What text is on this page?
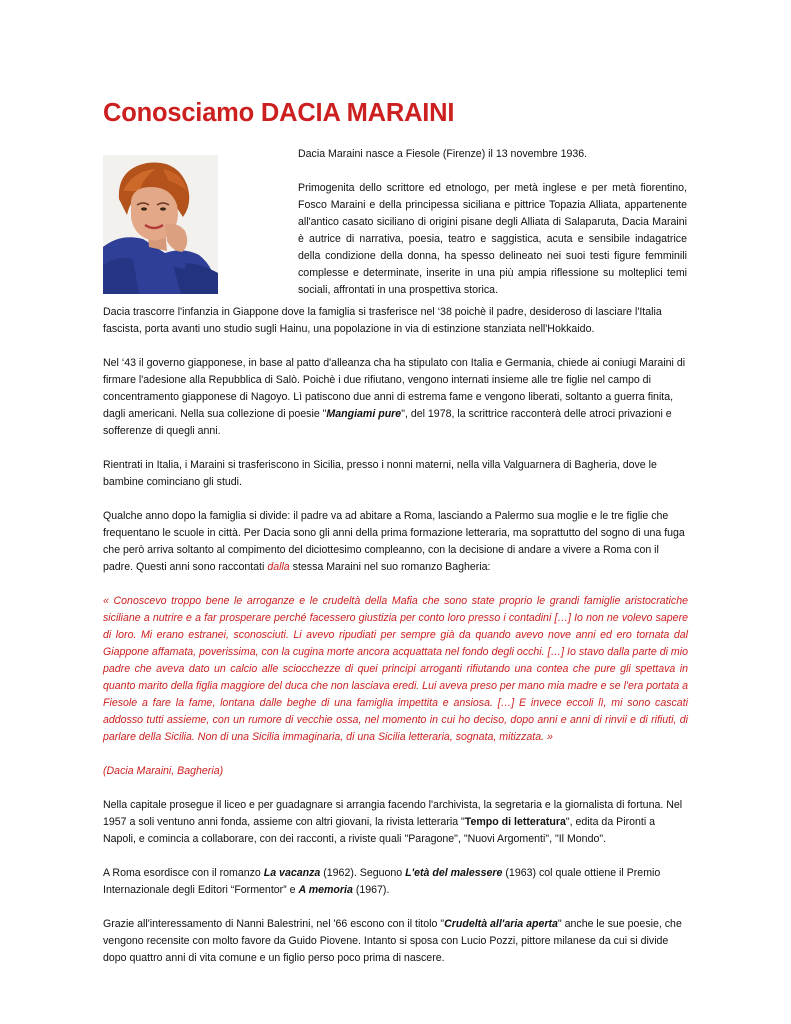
Conosciamo DACIA MARAINI

Dacia Maraini nasce a Fiesole (Firenze) il 13 novembre 1936.

Primogenita dello scrittore ed etnologo, per metà inglese e per metà fiorentino, Fosco Maraini e della principessa siciliana e pittrice Topazia Alliata, appartenente all'antico casato siciliano di origini pisane degli Alliata di Salaparuta, Dacia Maraini è autrice di narrativa, poesia, teatro e saggistica, acuta e sensibile indagatrice della condizione della donna, ha spesso delineato nei suoi testi figure femminili complesse e determinate, inserite in una più ampia riflessione su molteplici temi sociali, affrontati in una prospettiva storica.

Dacia trascorre l'infanzia in Giappone dove la famiglia si trasferisce nel ‘38 poichè il padre, desideroso di lasciare l'Italia fascista, porta avanti uno studio sugli Hainu, una popolazione in via di estinzione stanziata nell'Hokkaido.

Nel ‘43 il governo giapponese, in base al patto d'alleanza cha ha stipulato con Italia e Germania, chiede ai coniugi Maraini di firmare l'adesione alla Repubblica di Salò. Poichè i due rifiutano, vengono internati insieme alle tre figlie nel campo di concentramento giapponese di Nagoyo. Lì patiscono due anni di estrema fame e vengono liberati, soltanto a guerra finita, dagli americani. Nella sua collezione di poesie "Mangiami pure", del 1978, la scrittrice racconterà delle atroci privazioni e sofferenze di quegli anni.

Rientrati in Italia, i Maraini si trasferiscono in Sicilia, presso i nonni materni, nella villa Valguarnera di Bagheria, dove le bambine cominciano gli studi.

Qualche anno dopo la famiglia si divide: il padre va ad abitare a Roma, lasciando a Palermo sua moglie e le tre figlie che frequentano le scuole in città. Per Dacia sono gli anni della prima formazione letteraria, ma soprattutto del sogno di una fuga che però arriva soltanto al compimento del diciottesimo compleanno, con la decisione di andare a vivere a Roma con il padre. Questi anni sono raccontati dalla stessa Maraini nel suo romanzo Bagheria:

« Conoscevo troppo bene le arroganze e le crudeltà della Mafia che sono state proprio le grandi famiglie aristocratiche siciliane a nutrire e a far prosperare perché facessero giustizia per conto loro presso i contadini […] Io non ne volevo sapere di loro. Mi erano estranei, sconosciuti. Li avevo ripudiati per sempre già da quando avevo nove anni ed ero tornata dal Giappone affamata, poverissima, con la cugina morte ancora acquattata nel fondo degli occhi. […] Io stavo dalla parte di mio padre che aveva dato un calcio alle sciocchezze di quei principi arroganti rifiutando una contea che pure gli spettava in quanto marito della figlia maggiore del duca che non lasciava eredi. Lui aveva preso per mano mia madre e se l'era portata a Fiesole a fare la fame, lontana dalle beghe di una famiglia impettita e ansiosa. […] E invece eccoli lì, mi sono cascati addosso tutti assieme, con un rumore di vecchie ossa, nel momento in cui ho deciso, dopo anni e anni di rinvii e di rifiuti, di parlare della Sicilia. Non di una Sicilia immaginaria, di una Sicilia letteraria, sognata, mitizzata. »

(Dacia Maraini, Bagheria)

Nella capitale prosegue il liceo e per guadagnare si arrangia facendo l'archivista, la segretaria e la giornalista di fortuna. Nel 1957 a soli ventuno anni fonda, assieme con altri giovani, la rivista letteraria "Tempo di letteratura", edita da Pironti a Napoli, e comincia a collaborare, con dei racconti, a riviste quali "Paragone", "Nuovi Argomenti", "Il Mondo".

A Roma esordisce con il romanzo La vacanza (1962). Seguono L'età del malessere (1963) col quale ottiene il Premio Internazionale degli Editori “Formentor” e A memoria (1967).

Grazie all'interessamento di Nanni Balestrini, nel '66 escono con il titolo "Crudeltà all'aria aperta" anche le sue poesie, che vengono recensite con molto favore da Guido Piovene. Intanto si sposa con Lucio Pozzi, pittore milanese da cui si divide dopo quattro anni di vita comune e un figlio perso poco prima di nascere.
